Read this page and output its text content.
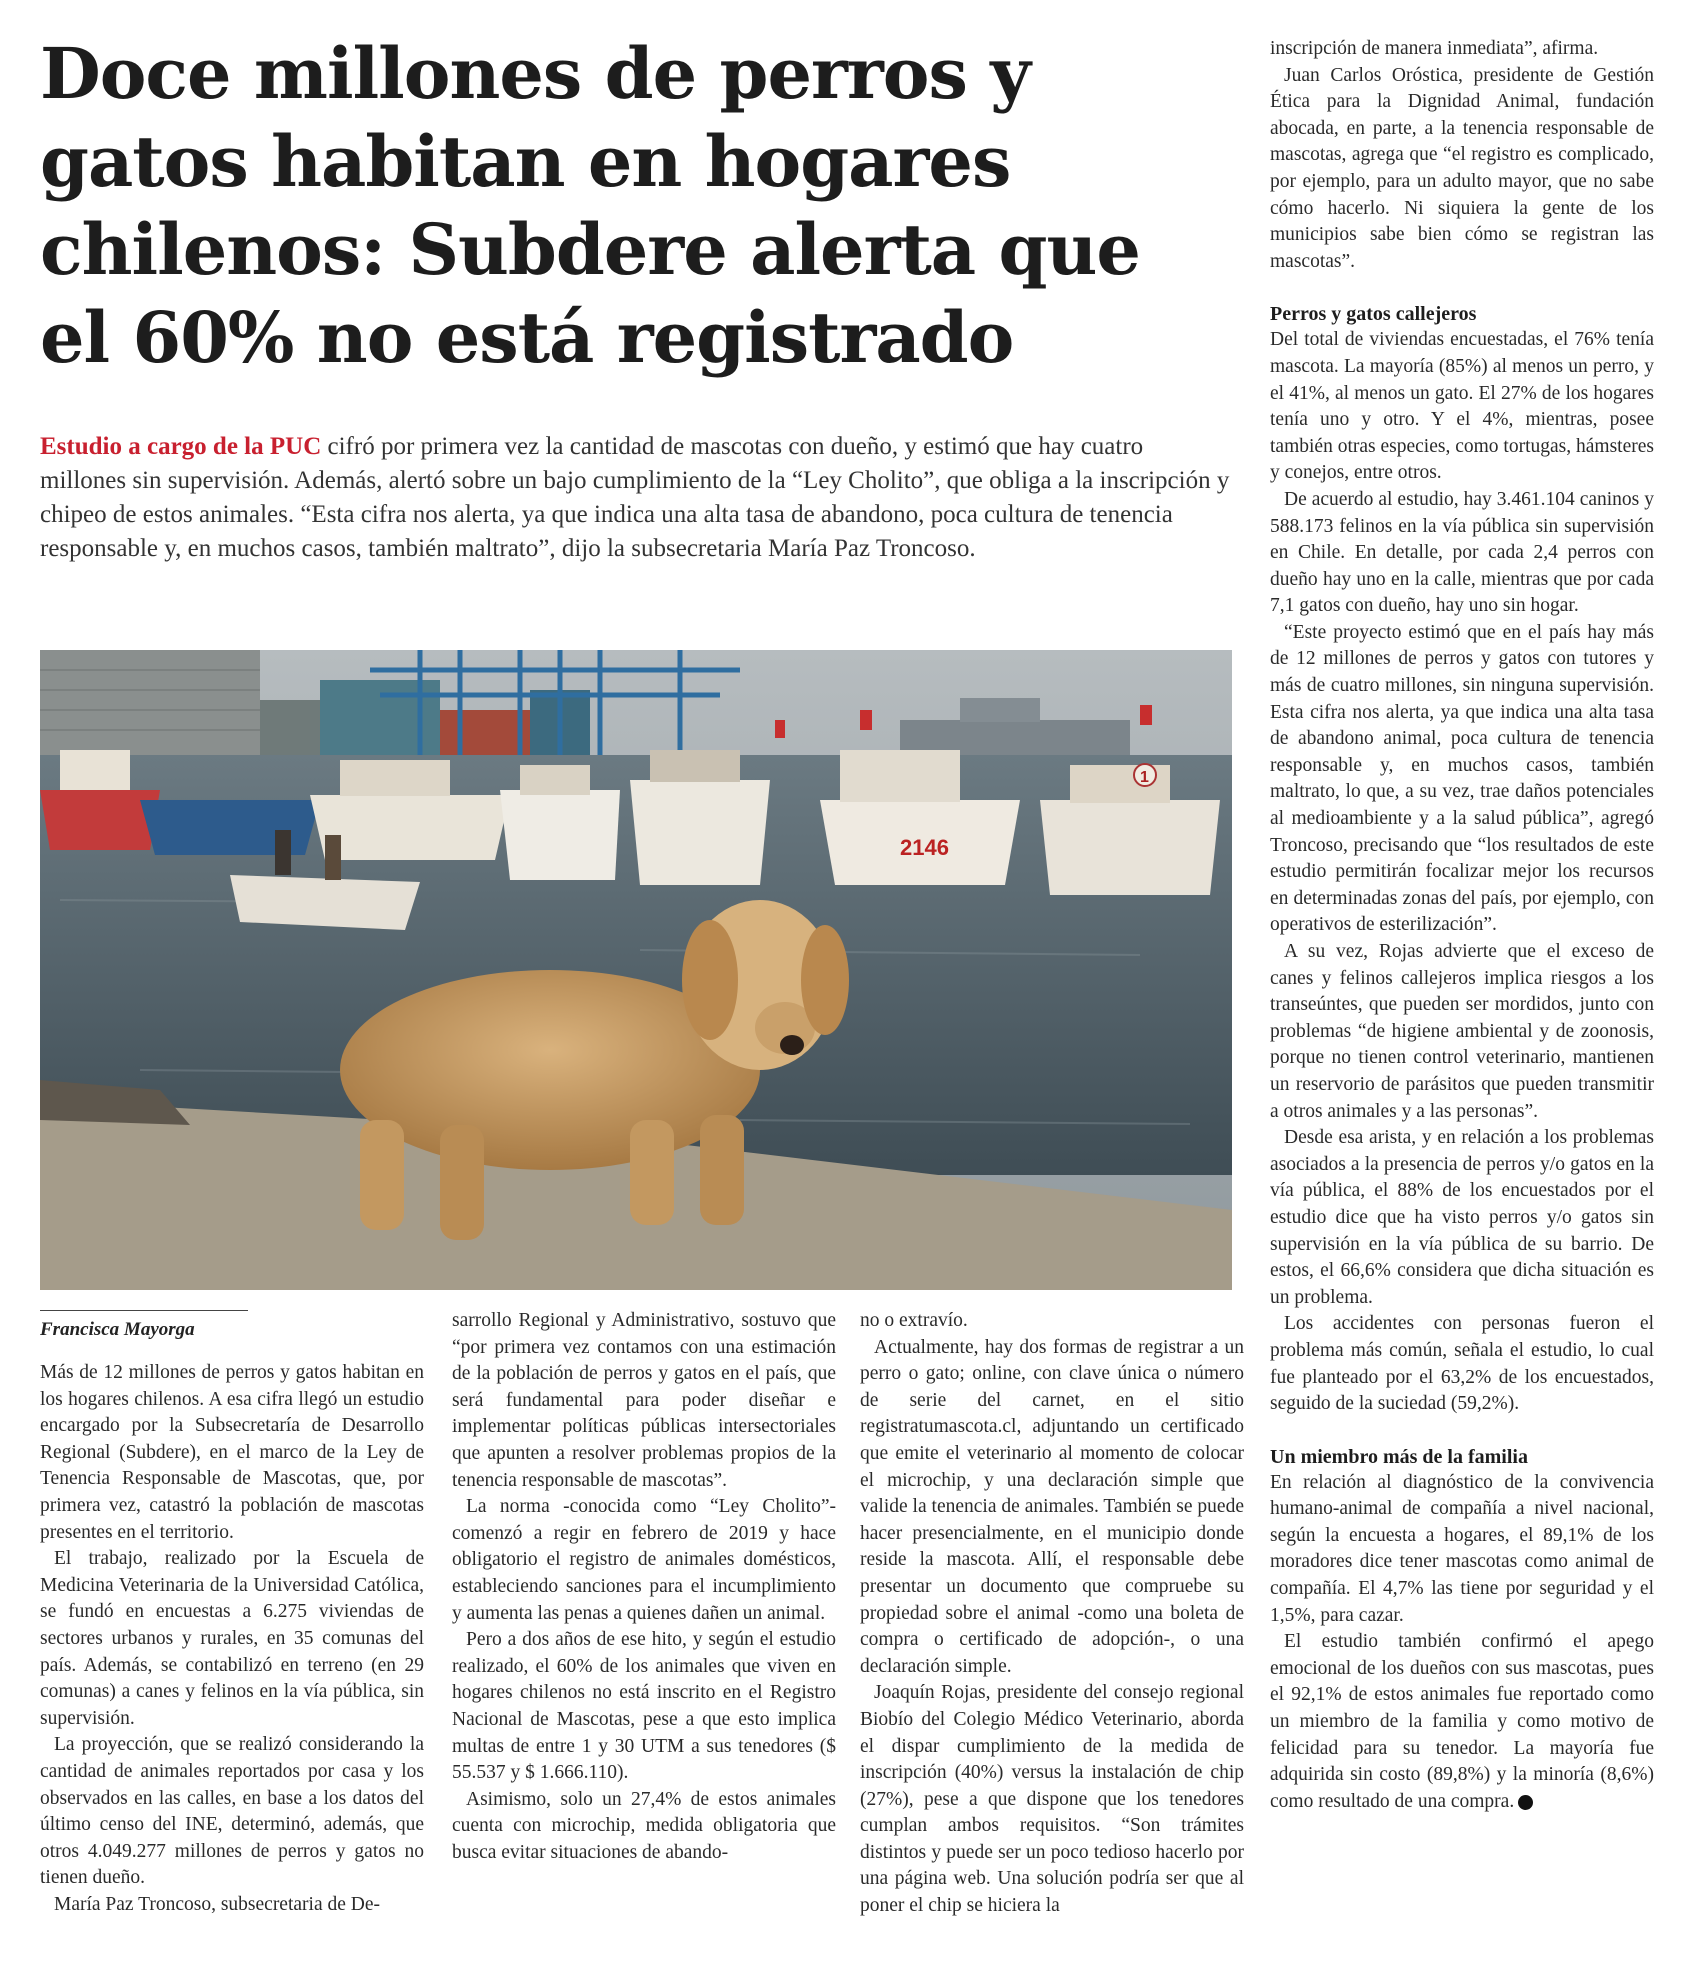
Doce millones de perros y gatos habitan en hogares chilenos: Subdere alerta que el 60% no está registrado

Estudio a cargo de la PUC cifró por primera vez la cantidad de mascotas con dueño, y estimó que hay cuatro millones sin supervisión. Además, alertó sobre un bajo cumplimiento de la “Ley Cholito”, que obliga a la inscripción y chipeo de estos animales. “Esta cifra nos alerta, ya que indica una alta tasa de abandono, poca cultura de tenencia responsable y, en muchos casos, también maltrato”, dijo la subsecretaria María Paz Troncoso.

2146
1
Francisca Mayorga

Más de 12 millones de perros y gatos habitan en los hogares chilenos. A esa cifra llegó un estudio encargado por la Subsecretaría de Desarrollo Regional (Subdere), en el marco de la Ley de Tenencia Responsable de Mascotas, que, por primera vez, catastró la población de mascotas presentes en el territorio.

El trabajo, realizado por la Escuela de Medicina Veterinaria de la Universidad Católica, se fundó en encuestas a 6.275 viviendas de sectores urbanos y rurales, en 35 comunas del país. Además, se contabilizó en terreno (en 29 comunas) a canes y felinos en la vía pública, sin supervisión.

La proyección, que se realizó considerando la cantidad de animales reportados por casa y los observados en las calles, en base a los datos del último censo del INE, determinó, además, que otros 4.049.277 millones de perros y gatos no tienen dueño.

María Paz Troncoso, subsecretaria de De-

sarrollo Regional y Administrativo, sostuvo que “por primera vez contamos con una estimación de la población de perros y gatos en el país, que será fundamental para poder diseñar e implementar políticas públicas intersectoriales que apunten a resolver problemas propios de la tenencia responsable de mascotas”.

La norma -conocida como “Ley Cholito”- comenzó a regir en febrero de 2019 y hace obligatorio el registro de animales domésticos, estableciendo sanciones para el incumplimiento y aumenta las penas a quienes dañen un animal.

Pero a dos años de ese hito, y según el estudio realizado, el 60% de los animales que viven en hogares chilenos no está inscrito en el Registro Nacional de Mascotas, pese a que esto implica multas de entre 1 y 30 UTM a sus tenedores ($ 55.537 y $ 1.666.110).

Asimismo, solo un 27,4% de estos animales cuenta con microchip, medida obligatoria que busca evitar situaciones de abando-

no o extravío.

Actualmente, hay dos formas de registrar a un perro o gato; online, con clave única o número de serie del carnet, en el sitio registratumascota.cl, adjuntando un certificado que emite el veterinario al momento de colocar el microchip, y una declaración simple que valide la tenencia de animales. También se puede hacer presencialmente, en el municipio donde reside la mascota. Allí, el responsable debe presentar un documento que compruebe su propiedad sobre el animal -como una boleta de compra o certificado de adopción-, o una declaración simple.

Joaquín Rojas, presidente del consejo regional Biobío del Colegio Médico Veterinario, aborda el dispar cumplimiento de la medida de inscripción (40%) versus la instalación de chip (27%), pese a que dispone que los tenedores cumplan ambos requisitos. “Son trámites distintos y puede ser un poco tedioso hacerlo por una página web. Una solución podría ser que al poner el chip se hiciera la

inscripción de manera inmediata”, afirma.

Juan Carlos Oróstica, presidente de Gestión Ética para la Dignidad Animal, fundación abocada, en parte, a la tenencia responsable de mascotas, agrega que “el registro es complicado, por ejemplo, para un adulto mayor, que no sabe cómo hacerlo. Ni siquiera la gente de los municipios sabe bien cómo se registran las mascotas”.

Perros y gatos callejeros

Del total de viviendas encuestadas, el 76% tenía mascota. La mayoría (85%) al menos un perro, y el 41%, al menos un gato. El 27% de los hogares tenía uno y otro. Y el 4%, mientras, posee también otras especies, como tortugas, hámsteres y conejos, entre otros.

De acuerdo al estudio, hay 3.461.104 caninos y 588.173 felinos en la vía pública sin supervisión en Chile. En detalle, por cada 2,4 perros con dueño hay uno en la calle, mientras que por cada 7,1 gatos con dueño, hay uno sin hogar.

“Este proyecto estimó que en el país hay más de 12 millones de perros y gatos con tutores y más de cuatro millones, sin ninguna supervisión. Esta cifra nos alerta, ya que indica una alta tasa de abandono animal, poca cultura de tenencia responsable y, en muchos casos, también maltrato, lo que, a su vez, trae daños potenciales al medioambiente y a la salud pública”, agregó Troncoso, precisando que “los resultados de este estudio permitirán focalizar mejor los recursos en determinadas zonas del país, por ejemplo, con operativos de esterilización”.

A su vez, Rojas advierte que el exceso de canes y felinos callejeros implica riesgos a los transeúntes, que pueden ser mordidos, junto con problemas “de higiene ambiental y de zoonosis, porque no tienen control veterinario, mantienen un reservorio de parásitos que pueden transmitir a otros animales y a las personas”.

Desde esa arista, y en relación a los problemas asociados a la presencia de perros y/o gatos en la vía pública, el 88% de los encuestados por el estudio dice que ha visto perros y/o gatos sin supervisión en la vía pública de su barrio. De estos, el 66,6% considera que dicha situación es un problema.

Los accidentes con personas fueron el problema más común, señala el estudio, lo cual fue planteado por el 63,2% de los encuestados, seguido de la suciedad (59,2%).

Un miembro más de la familia

En relación al diagnóstico de la convivencia humano-animal de compañía a nivel nacional, según la encuesta a hogares, el 89,1% de los moradores dice tener mascotas como animal de compañía. El 4,7% las tiene por seguridad y el 1,5%, para cazar.

El estudio también confirmó el apego emocional de los dueños con sus mascotas, pues el 92,1% de estos animales fue reportado como un miembro de la familia y como motivo de felicidad para su tenedor. La mayoría fue adquirida sin costo (89,8%) y la minoría (8,6%) como resultado de una compra.
